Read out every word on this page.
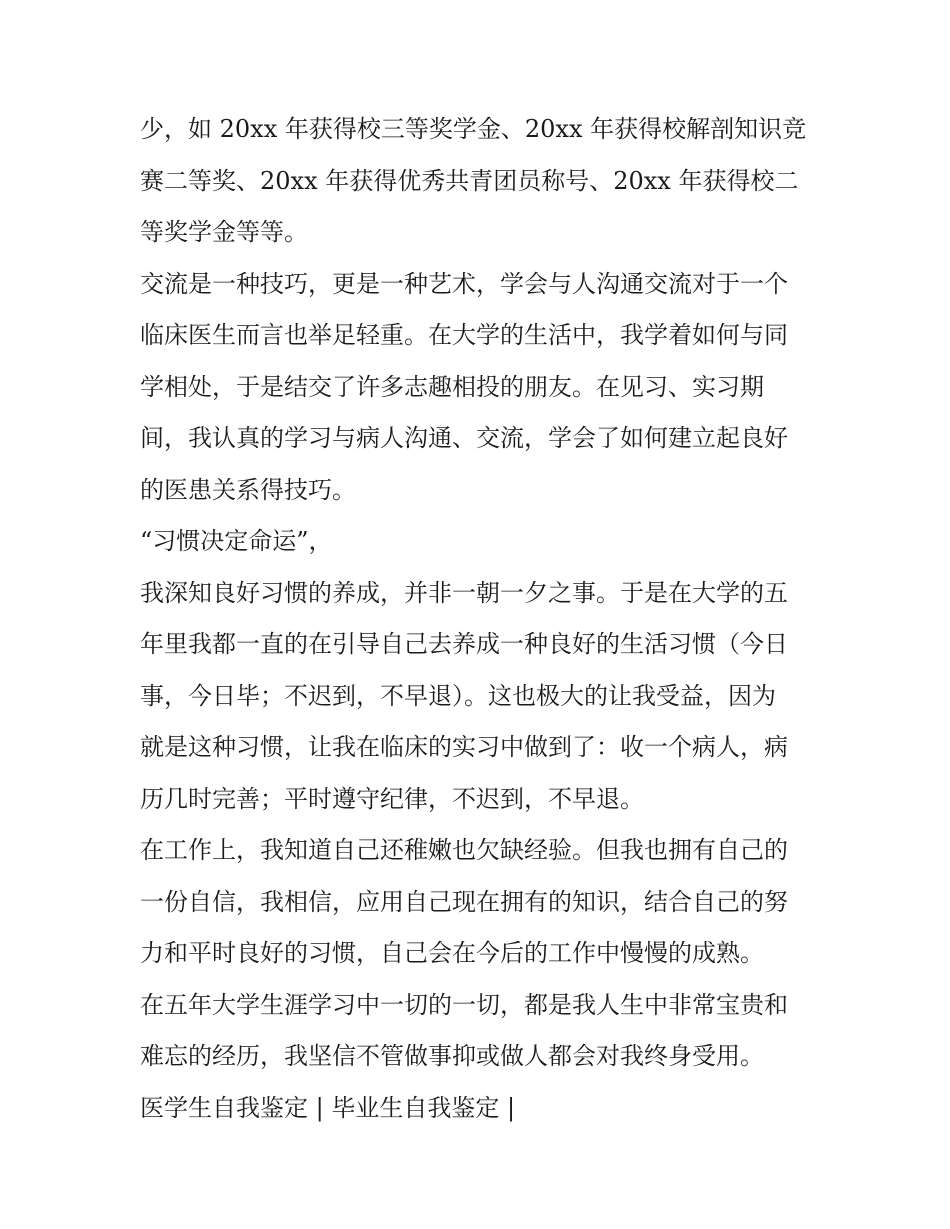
少，如 20xx 年获得校三等奖学金、20xx 年获得校解剖知识竞
赛二等奖、20xx 年获得优秀共青团员称号、20xx 年获得校二
等奖学金等等。
交流是一种技巧，更是一种艺术，学会与人沟通交流对于一个
临床医生而言也举足轻重。在大学的生活中，我学着如何与同
学相处，于是结交了许多志趣相投的朋友。在见习、实习期
间，我认真的学习与病人沟通、交流，学会了如何建立起良好
的医患关系得技巧。
“习惯决定命运”，
我深知良好习惯的养成，并非一朝一夕之事。于是在大学的五
年里我都一直的在引导自己去养成一种良好的生活习惯（今日
事，今日毕；不迟到，不早退）。这也极大的让我受益，因为
就是这种习惯，让我在临床的实习中做到了：收一个病人，病
历几时完善；平时遵守纪律，不迟到，不早退。
在工作上，我知道自己还稚嫩也欠缺经验。但我也拥有自己的
一份自信，我相信，应用自己现在拥有的知识，结合自己的努
力和平时良好的习惯，自己会在今后的工作中慢慢的成熟。
在五年大学生涯学习中一切的一切，都是我人生中非常宝贵和
难忘的经历，我坚信不管做事抑或做人都会对我终身受用。
医学生自我鉴定 | 毕业生自我鉴定 |
